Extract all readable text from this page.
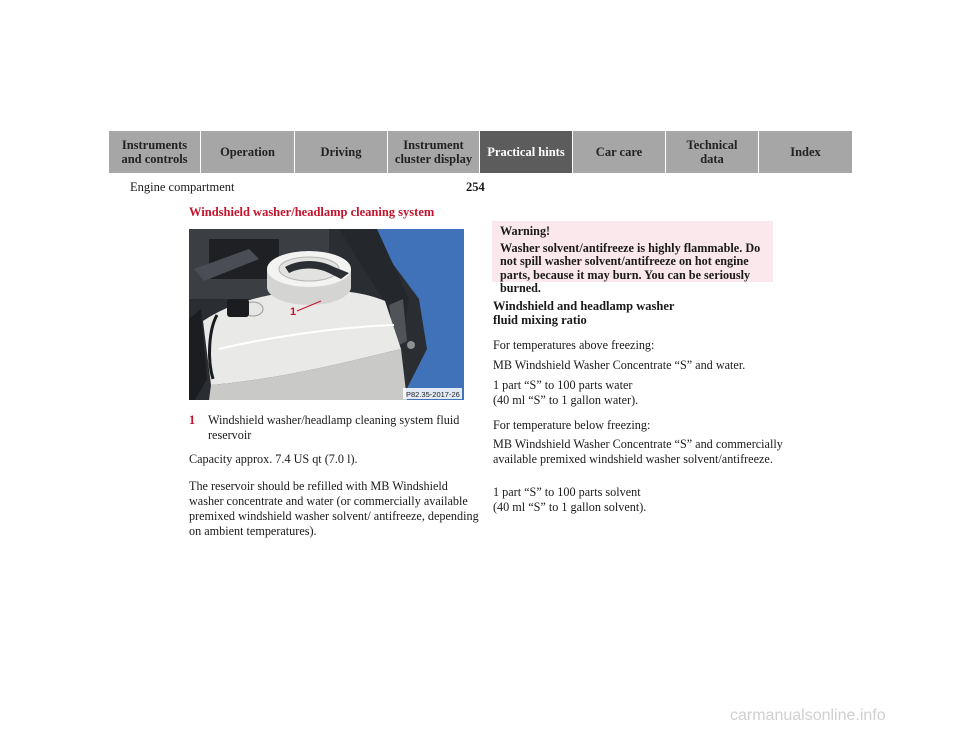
Instruments
and controls	Operation	Driving	Instrument
cluster display Practical hints Car care	Technical
data	Index
Engine compartment	254
Windshield washer/headlamp cleaning system
1
P82.35-2017-26
1 Windshield washer/headlamp cleaning system fluid reservoir

Capacity approx. 7.4 US qt (7.0 l).

The reservoir should be refilled with MB Windshield washer concentrate and water (or commercially available premixed windshield washer solvent/ antifreeze, depending on ambient temperatures).

Warning!
Washer solvent/antifreeze is highly flammable. Do not spill washer solvent/antifreeze on hot engine parts, because it may burn. You can be seriously burned.
Windshield and headlamp washer
fluid mixing ratio

For temperatures above freezing:

MB Windshield Washer Concentrate “S” and water.

1 part “S” to 100 parts water
(40 ml “S” to 1 gallon water).

For temperature below freezing:

MB Windshield Washer Concentrate “S” and commercially available premixed windshield washer solvent/antifreeze.

1 part “S” to 100 parts solvent
(40 ml “S” to 1 gallon solvent).

carmanualsonline.info
